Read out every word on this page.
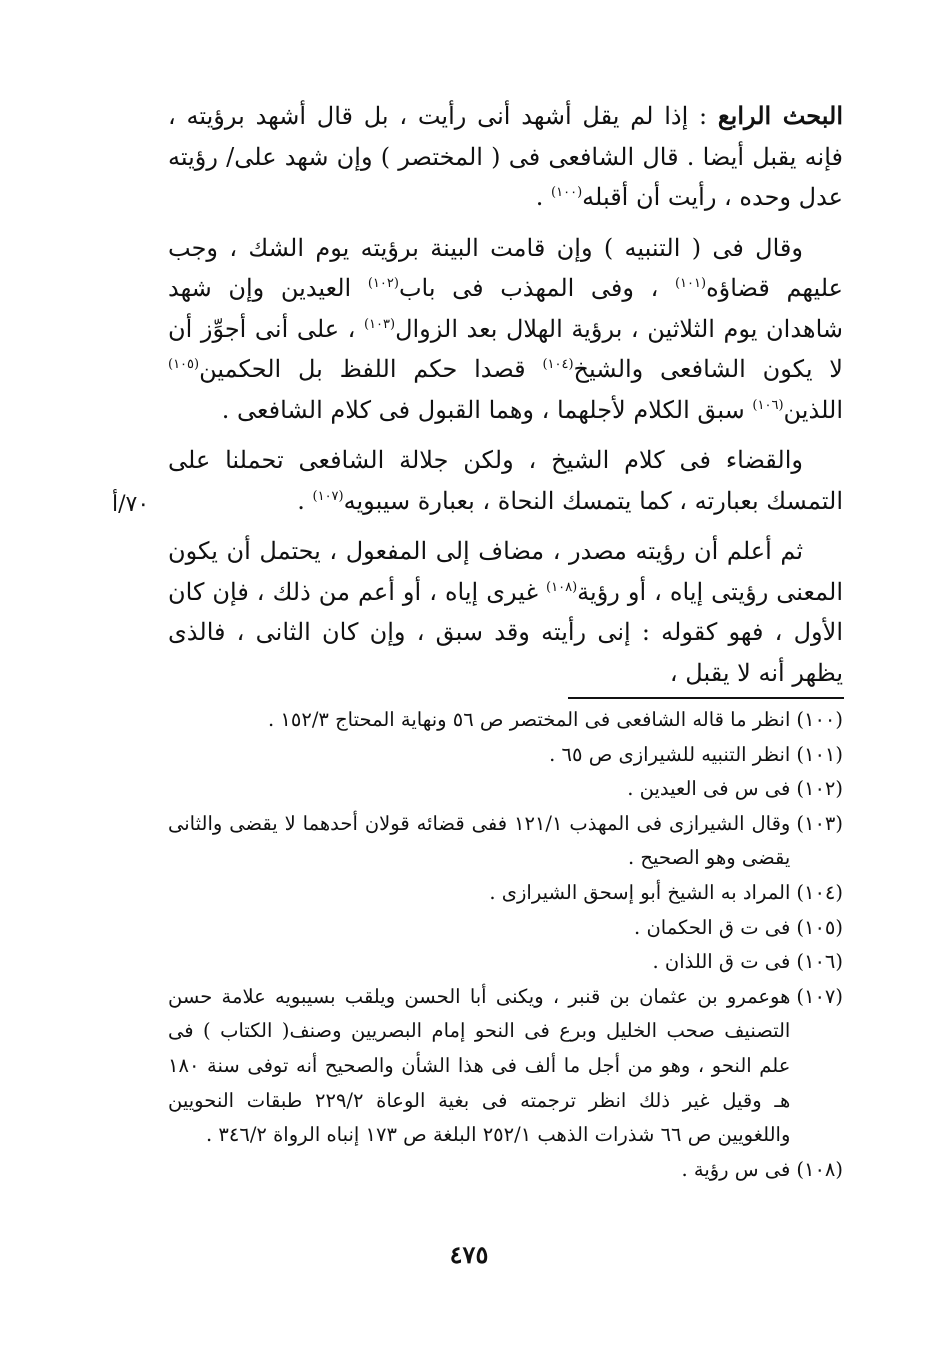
البحث الرابع : إذا لم يقل أشهد أنى رأيت ، بل قال أشهد برؤيته ، فإنه يقبل أيضا . قال الشافعى فى ( المختصر ) وإن شهد على/ رؤيته عدل وحده ، رأيت أن أقبله$^{(١٠٠)}$ .

وقال فى ( التنبيه ) وإن قامت البينة برؤيته يوم الشك ، وجب عليهم قضاؤه$^{(١٠١)}$ ، وفى المهذب فى باب$^{(١٠٢)}$ العيدين وإن شهد شاهدان يوم الثلاثين ، برؤية الهلال بعد الزوال$^{(١٠٣)}$ ، على أنى أجوِّز أن لا يكون الشافعى والشيخ$^{(١٠٤)}$ قصدا حكم اللفظ بل الحكمين$^{(١٠٥)}$ اللذين$^{(١٠٦)}$ سبق الكلام لأجلهما ، وهما القبول فى كلام الشافعى .

والقضاء فى كلام الشيخ ، ولكن جلالة الشافعى تحملنا على التمسك بعبارته ، كما يتمسك النحاة ، بعبارة سيبويه$^{(١٠٧)}$ .

ثم أعلم أن رؤيته مصدر ، مضاف إلى المفعول ، يحتمل أن يكون المعنى رؤيتى إياه ، أو رؤية$^{(١٠٨)}$ غيرى إياه ، أو أعم من ذلك ، فإن كان الأول ، فهو كقوله : إنى رأيته وقد سبق ، وإن كان الثانى ، فالذى يظهر أنه لا يقبل ،

٧٠/أ
(١٠٠)
انظر ما قاله الشافعى فى المختصر ص ٥٦ ونهاية المحتاج ١٥٢/٣ .
(١٠١)
انظر التنبيه للشيرازى ص ٦٥ .
(١٠٢)
فى س فى العيدين .
(١٠٣)
وقال الشيرازى فى المهذب ١٢١/١ ففى قضائه قولان أحدهما لا يقضى والثانى يقضى وهو الصحيح .
(١٠٤)
المراد به الشيخ أبو إسحق الشيرازى .
(١٠٥)
فى ت ق الحكمان .
(١٠٦)
فى ت ق اللذان .
(١٠٧)
هوعمرو بن عثمان بن قنبر ، ويكنى أبا الحسن ويلقب بسيبويه علامة حسن التصنيف صحب الخليل وبرع فى النحو إمام البصريين وصنف( الكتاب ) فى علم النحو ، وهو من أجل ما ألف فى هذا الشأن والصحيح أنه توفى سنة ١٨٠ هـ وقيل غير ذلك انظر ترجمته فى بغية الوعاة ٢٢٩/٢ طبقات النحويين واللغويين ص ٦٦ شذرات الذهب ٢٥٢/١ البلغة ص ١٧٣ إنباه الرواة ٣٤٦/٢ .
(١٠٨)
فى س رؤية .
٤٧٥
